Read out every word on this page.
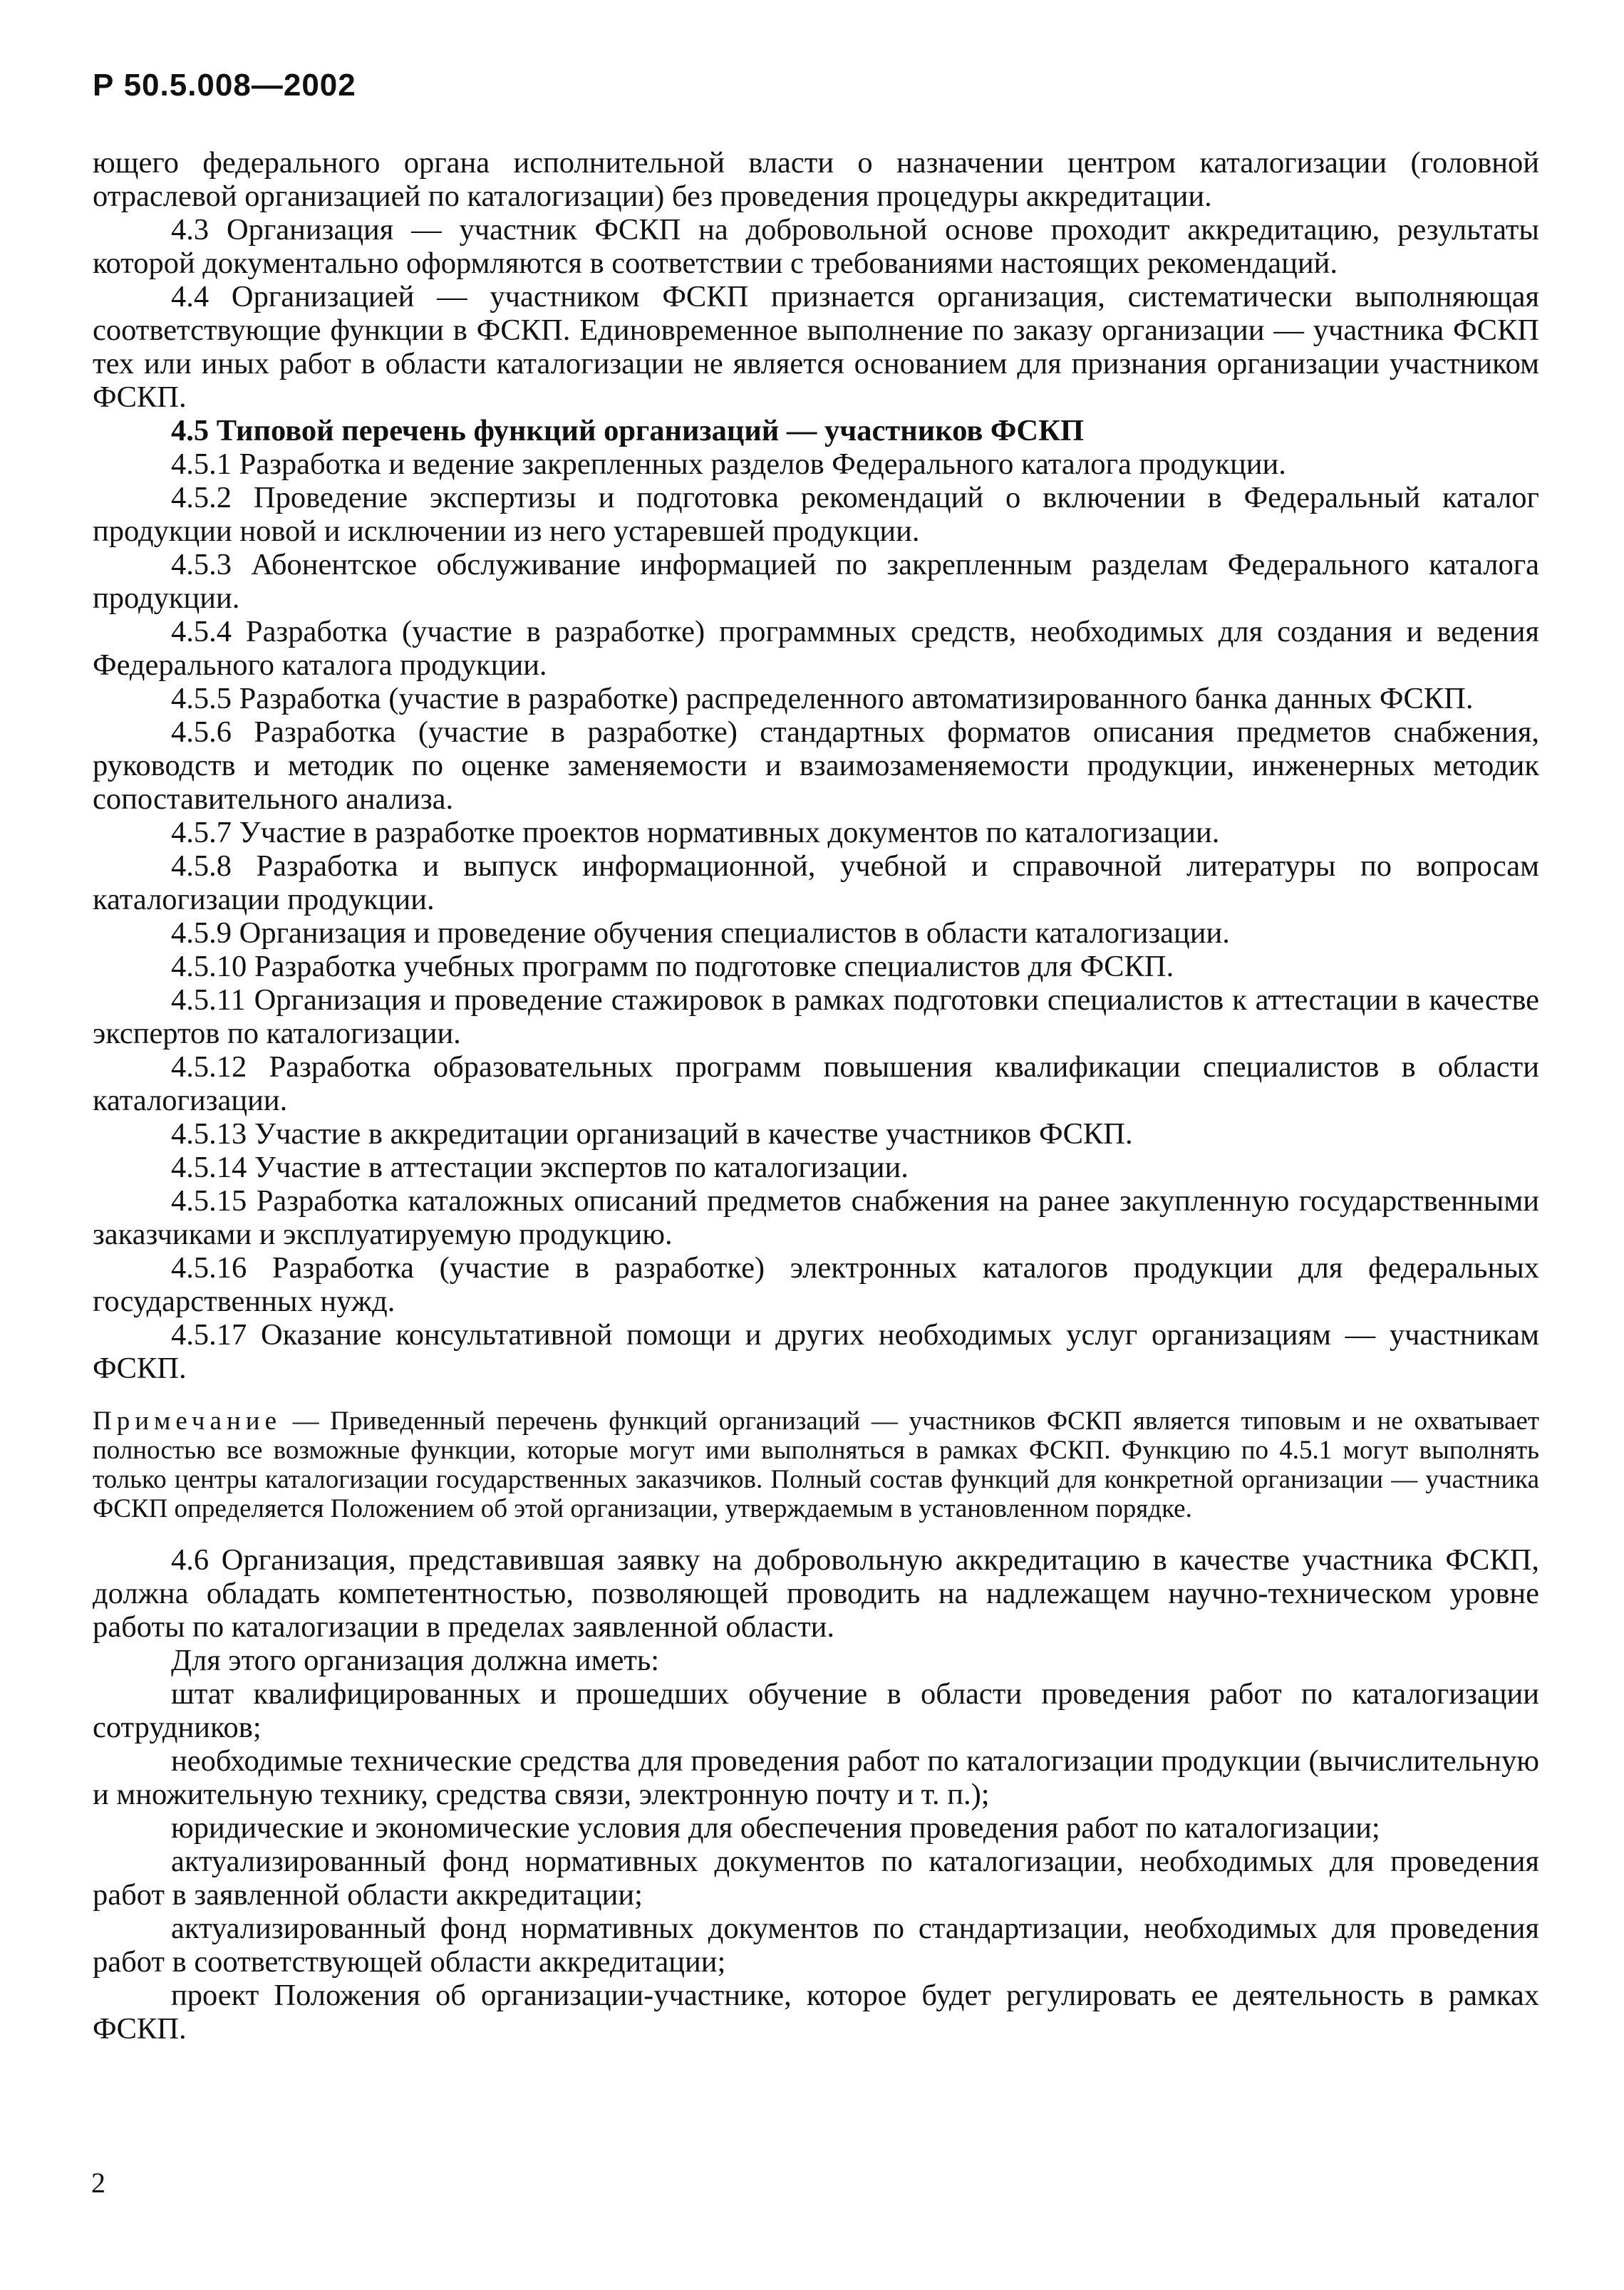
Р 50.5.008—2002

ющего федерального органа исполнительной власти о назначении центром каталогизации (головной отраслевой организацией по каталогизации) без проведения процедуры аккредитации.

4.3 Организация — участник ФСКП на добровольной основе проходит аккредитацию, результаты которой документально оформляются в соответствии с требованиями настоящих рекомендаций.

4.4 Организацией — участником ФСКП признается организация, систематически выполняющая соответствующие функции в ФСКП. Единовременное выполнение по заказу организации — участника ФСКП тех или иных работ в области каталогизации не является основанием для признания организации участником ФСКП.

4.5 Типовой перечень функций организаций — участников ФСКП

4.5.1 Разработка и ведение закрепленных разделов Федерального каталога продукции.

4.5.2 Проведение экспертизы и подготовка рекомендаций о включении в Федеральный каталог продукции новой и исключении из него устаревшей продукции.

4.5.3 Абонентское обслуживание информацией по закрепленным разделам Федерального каталога продукции.

4.5.4 Разработка (участие в разработке) программных средств, необходимых для создания и ведения Федерального каталога продукции.

4.5.5 Разработка (участие в разработке) распределенного автоматизированного банка данных ФСКП.

4.5.6 Разработка (участие в разработке) стандартных форматов описания предметов снабжения, руководств и методик по оценке заменяемости и взаимозаменяемости продукции, инженерных методик сопоставительного анализа.

4.5.7 Участие в разработке проектов нормативных документов по каталогизации.

4.5.8 Разработка и выпуск информационной, учебной и справочной литературы по вопросам каталогизации продукции.

4.5.9 Организация и проведение обучения специалистов в области каталогизации.

4.5.10 Разработка учебных программ по подготовке специалистов для ФСКП.

4.5.11 Организация и проведение стажировок в рамках подготовки специалистов к аттестации в качестве экспертов по каталогизации.

4.5.12 Разработка образовательных программ повышения квалификации специалистов в области каталогизации.

4.5.13 Участие в аккредитации организаций в качестве участников ФСКП.

4.5.14 Участие в аттестации экспертов по каталогизации.

4.5.15 Разработка каталожных описаний предметов снабжения на ранее закупленную государственными заказчиками и эксплуатируемую продукцию.

4.5.16 Разработка (участие в разработке) электронных каталогов продукции для федеральных государственных нужд.

4.5.17 Оказание консультативной помощи и других необходимых услуг организациям — участникам ФСКП.

Примечание — Приведенный перечень функций организаций — участников ФСКП является типовым и не охватывает полностью все возможные функции, которые могут ими выполняться в рамках ФСКП. Функцию по 4.5.1 могут выполнять только центры каталогизации государственных заказчиков. Полный состав функций для конкретной организации — участника ФСКП определяется Положением об этой организации, утверждаемым в установленном порядке.

4.6 Организация, представившая заявку на добровольную аккредитацию в качестве участника ФСКП, должна обладать компетентностью, позволяющей проводить на надлежащем научно-техническом уровне работы по каталогизации в пределах заявленной области.

Для этого организация должна иметь:

штат квалифицированных и прошедших обучение в области проведения работ по каталогизации сотрудников;

необходимые технические средства для проведения работ по каталогизации продукции (вычислительную и множительную технику, средства связи, электронную почту и т. п.);

юридические и экономические условия для обеспечения проведения работ по каталогизации;

актуализированный фонд нормативных документов по каталогизации, необходимых для проведения работ в заявленной области аккредитации;

актуализированный фонд нормативных документов по стандартизации, необходимых для проведения работ в соответствующей области аккредитации;

проект Положения об организации-участнике, которое будет регулировать ее деятельность в рамках ФСКП.

2
